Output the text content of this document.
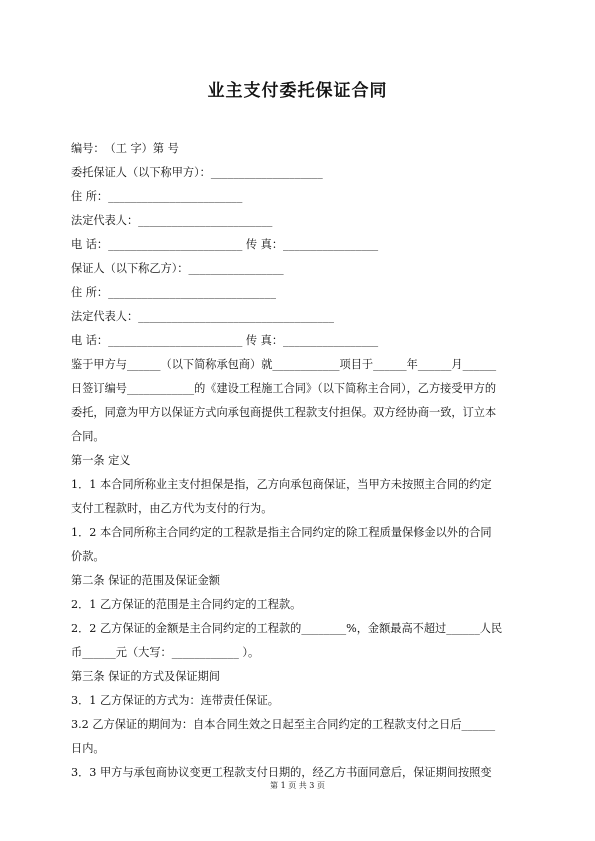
业主支付委托保证合同
编号：　（工 字）第 号
委托保证人（以下称甲方）：____________________
住 所：________________________
法定代表人：________________________
电 话：________________________ 传 真：_________________
保证人（以下称乙方）：_________________
住 所：______________________________
法定代表人：___________________________________
电 话：________________________ 传 真：_________________
鉴于甲方与______（以下简称承包商）就____________项目于______年______月______
日签订编号____________的《建设工程施工合同》（以下简称主合同），乙方接受甲方的
委托，同意为甲方以保证方式向承包商提供工程款支付担保。双方经协商一致，订立本
合同。
第一条 定义
1．1 本合同所称业主支付担保是指，乙方向承包商保证，当甲方未按照主合同的约定
支付工程款时，由乙方代为支付的行为。
1．2 本合同所称主合同约定的工程款是指主合同约定的除工程质量保修金以外的合同
价款。
第二条 保证的范围及保证金额
2．1 乙方保证的范围是主合同约定的工程款。
2．2 乙方保证的金额是主合同约定的工程款的________%，金额最高不超过______人民
币______元（大写：____________ ）。
第三条 保证的方式及保证期间
3．1 乙方保证的方式为：连带责任保证。
3.2 乙方保证的期间为：自本合同生效之日起至主合同约定的工程款支付之日后______
日内。
3．3 甲方与承包商协议变更工程款支付日期的，经乙方书面同意后，保证期间按照变
第 1 页 共 3 页
